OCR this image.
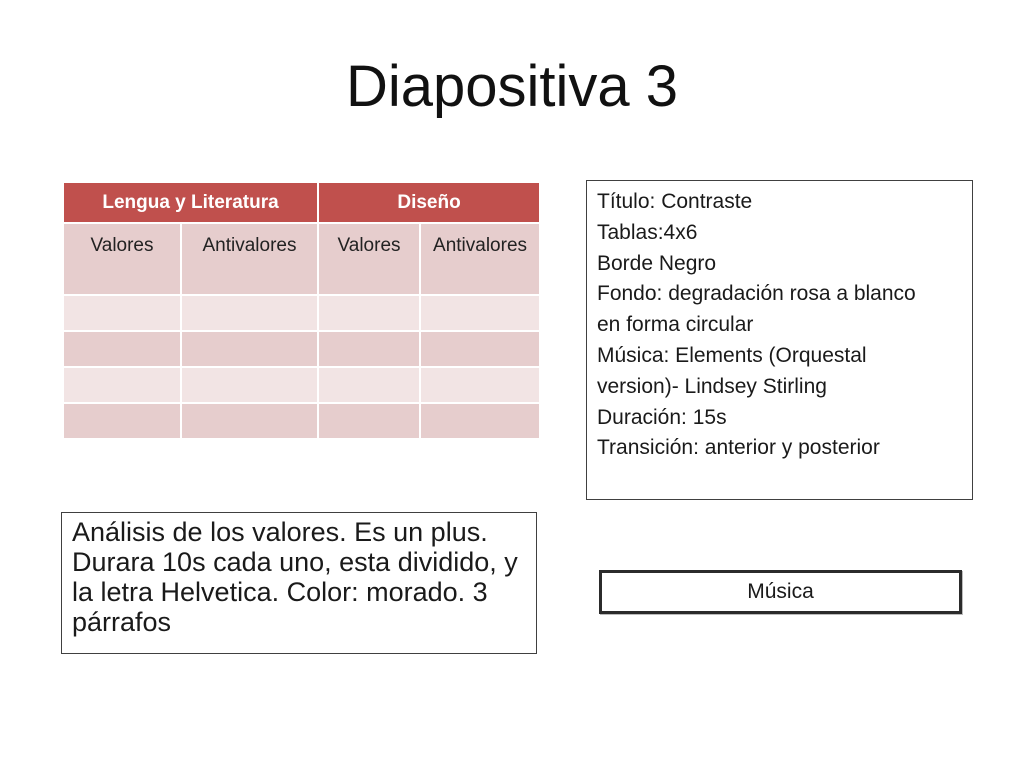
Diapositiva 3
Lengua y Literatura		Diseño	
Valores	Antivalores	Valores	Antivalores

Título: Contraste
Tablas:4x6
Borde Negro
Fondo: degradación rosa a blanco
en forma circular
Música: Elements (Orquestal
version)- Lindsey Stirling
Duración: 15s
Transición: anterior y posterior
Análisis de los valores. Es un plus. Durara 10s cada uno, esta dividido, y la letra Helvetica. Color: morado. 3 párrafos
Música
